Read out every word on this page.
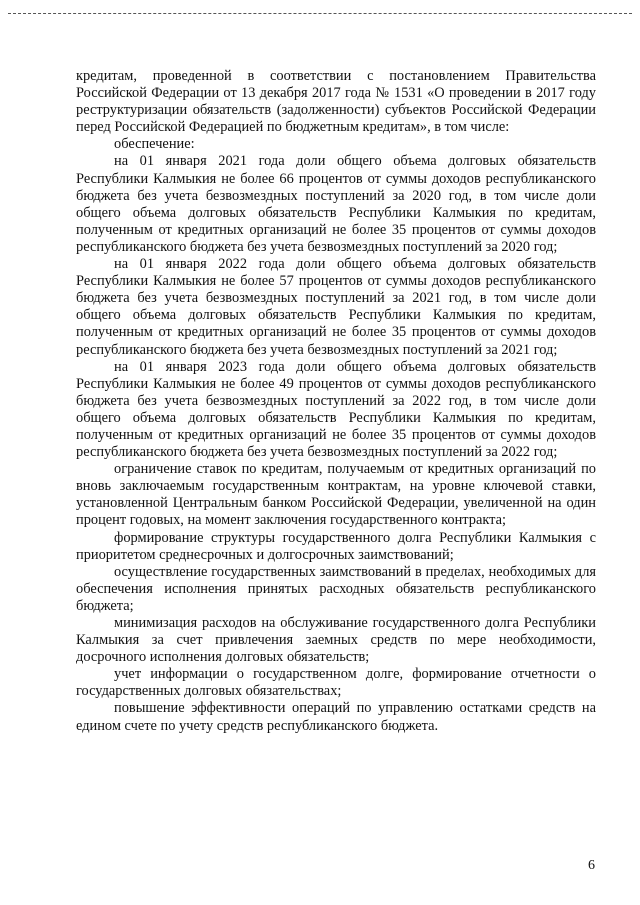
кредитам, проведенной в соответствии с постановлением Правительства Российской Федерации от 13 декабря 2017 года № 1531 «О проведении в 2017 году реструктуризации обязательств (задолженности) субъектов Российской Федерации перед Российской Федерацией по бюджетным кредитам», в том числе:

обеспечение:

на 01 января 2021 года доли общего объема долговых обязательств Республики Калмыкия не более 66 процентов от суммы доходов республиканского бюджета без учета безвозмездных поступлений за 2020 год, в том числе доли общего объема долговых обязательств Республики Калмыкия по кредитам, полученным от кредитных организаций не более 35 процентов от суммы доходов республиканского бюджета без учета безвозмездных поступлений за 2020 год;

на 01 января 2022 года доли общего объема долговых обязательств Республики Калмыкия не более 57 процентов от суммы доходов республиканского бюджета без учета безвозмездных поступлений за 2021 год, в том числе доли общего объема долговых обязательств Республики Калмыкия по кредитам, полученным от кредитных организаций не более 35 процентов от суммы доходов республиканского бюджета без учета безвозмездных поступлений за 2021 год;

на 01 января 2023 года доли общего объема долговых обязательств Республики Калмыкия не более 49 процентов от суммы доходов республиканского бюджета без учета безвозмездных поступлений за 2022 год, в том числе доли общего объема долговых обязательств Республики Калмыкия по кредитам, полученным от кредитных организаций не более 35 процентов от суммы доходов республиканского бюджета без учета безвозмездных поступлений за 2022 год;

ограничение ставок по кредитам, получаемым от кредитных организаций по вновь заключаемым государственным контрактам, на уровне ключевой ставки, установленной Центральным банком Российской Федерации, увеличенной на один процент годовых, на момент заключения государственного контракта;

формирование структуры государственного долга Республики Калмыкия с приоритетом среднесрочных и долгосрочных заимствований;

осуществление государственных заимствований в пределах, необходимых для обеспечения исполнения принятых расходных обязательств республиканского бюджета;

минимизация расходов на обслуживание государственного долга Республики Калмыкия за счет привлечения заемных средств по мере необходимости, досрочного исполнения долговых обязательств;

учет информации о государственном долге, формирование отчетности о государственных долговых обязательствах;

повышение эффективности операций по управлению остатками средств на едином счете по учету средств республиканского бюджета.

6
